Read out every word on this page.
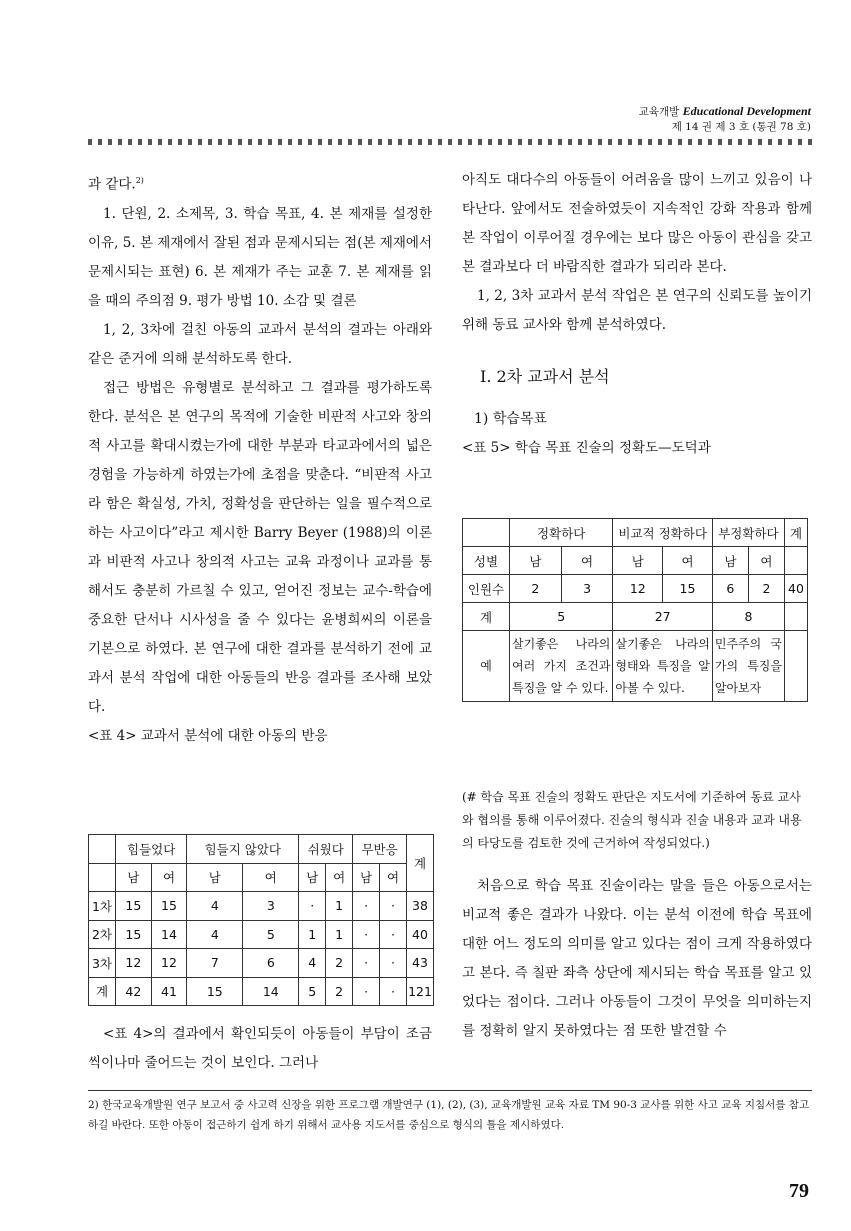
교육개발 Educational Development
제 14 권 제 3 호 (통권 78 호)

과 같다.$^{2)}$

1. 단원, 2. 소제목, 3. 학습 목표, 4. 본 제재를 설정한 이유, 5. 본 제재에서 잘된 점과 문제시되는 점(본 제재에서 문제시되는 표현) 6. 본 제재가 주는 교훈 7. 본 제재를 읽을 때의 주의점 9. 평가 방법 10. 소감 및 결론

1, 2, 3차에 걸친 아동의 교과서 분석의 결과는 아래와 같은 준거에 의해 분석하도록 한다.

접근 방법은 유형별로 분석하고 그 결과를 평가하도록 한다. 분석은 본 연구의 목적에 기술한 비판적 사고와 창의적 사고를 확대시켰는가에 대한 부분과 타교과에서의 넓은 경험을 가능하게 하였는가에 초점을 맞춘다. “비판적 사고라 함은 확실성, 가치, 정확성을 판단하는 일을 필수적으로 하는 사고이다”라고 제시한 Barry Beyer (1988)의 이론과 비판적 사고나 창의적 사고는 교육 과정이나 교과를 통해서도 충분히 가르칠 수 있고, 얻어진 정보는 교수-학습에 중요한 단서나 시사성을 줄 수 있다는 윤병희씨의 이론을 기본으로 하였다. 본 연구에 대한 결과를 분석하기 전에 교과서 분석 작업에 대한 아동들의 반응 결과를 조사해 보았다.

<표 4> 교과서 분석에 대한 아동의 반응

	힘들었다		힘들지 않았다		쉬웠다		무반응		계
	남	여	남	여	남	여	남	여	
1차	15	15	4	3	·	1	·	·	38
2차	15	14	4	5	1	1	·	·	40
3차	12	12	7	6	4	2	·	·	43
계	42	41	15	14	5	2	·	·	121

<표 4>의 결과에서 확인되듯이 아동들이 부담이 조금씩이나마 줄어드는 것이 보인다. 그러나

아직도 대다수의 아동들이 어려움을 많이 느끼고 있음이 나타난다. 앞에서도 전술하였듯이 지속적인 강화 작용과 함께 본 작업이 이루어질 경우에는 보다 많은 아동이 관심을 갖고 본 결과보다 더 바람직한 결과가 되리라 본다.

1, 2, 3차 교과서 분석 작업은 본 연구의 신뢰도를 높이기 위해 동료 교사와 함께 분석하였다.

Ⅰ. 2차 교과서 분석
1) 학습목표

<표 5> 학습 목표 진술의 정확도—도덕과

	정확하다		비교적 정확하다		부정확하다		계
성별	남	여	남	여	남	여	
인원수	2	3	12	15	6	2	40
계	5		27		8		
예	살기좋은 나라의 여러 가지 조건과 특징을 알 수 있다.		살기좋은 나라의 형태와 특징을 알아볼 수 있다.		민주주의 국가의 특징을 알아보자		

(# 학습 목표 진술의 정확도 판단은 지도서에 기준하여 동료 교사와 협의를 통해 이루어졌다. 진술의 형식과 진술 내용과 교과 내용의 타당도를 검토한 것에 근거하여 작성되었다.)

처음으로 학습 목표 진술이라는 말을 들은 아동으로서는 비교적 좋은 결과가 나왔다. 이는 분석 이전에 학습 목표에 대한 어느 정도의 의미를 알고 있다는 점이 크게 작용하였다고 본다. 즉 칠판 좌측 상단에 제시되는 학습 목표를 알고 있었다는 점이다. 그러나 아동들이 그것이 무엇을 의미하는지를 정확히 알지 못하였다는 점 또한 발견할 수

2) 한국교육개발원 연구 보고서 중 사고력 신장을 위한 프로그램 개발연구 (1), (2), (3), 교육개발원 교육 자료 TM 90-3 교사를 위한 사고 교육 지침서를 참고하길 바란다. 또한 아동이 접근하기 쉽게 하기 위해서 교사용 지도서를 중심으로 형식의 틀을 제시하였다.
79
